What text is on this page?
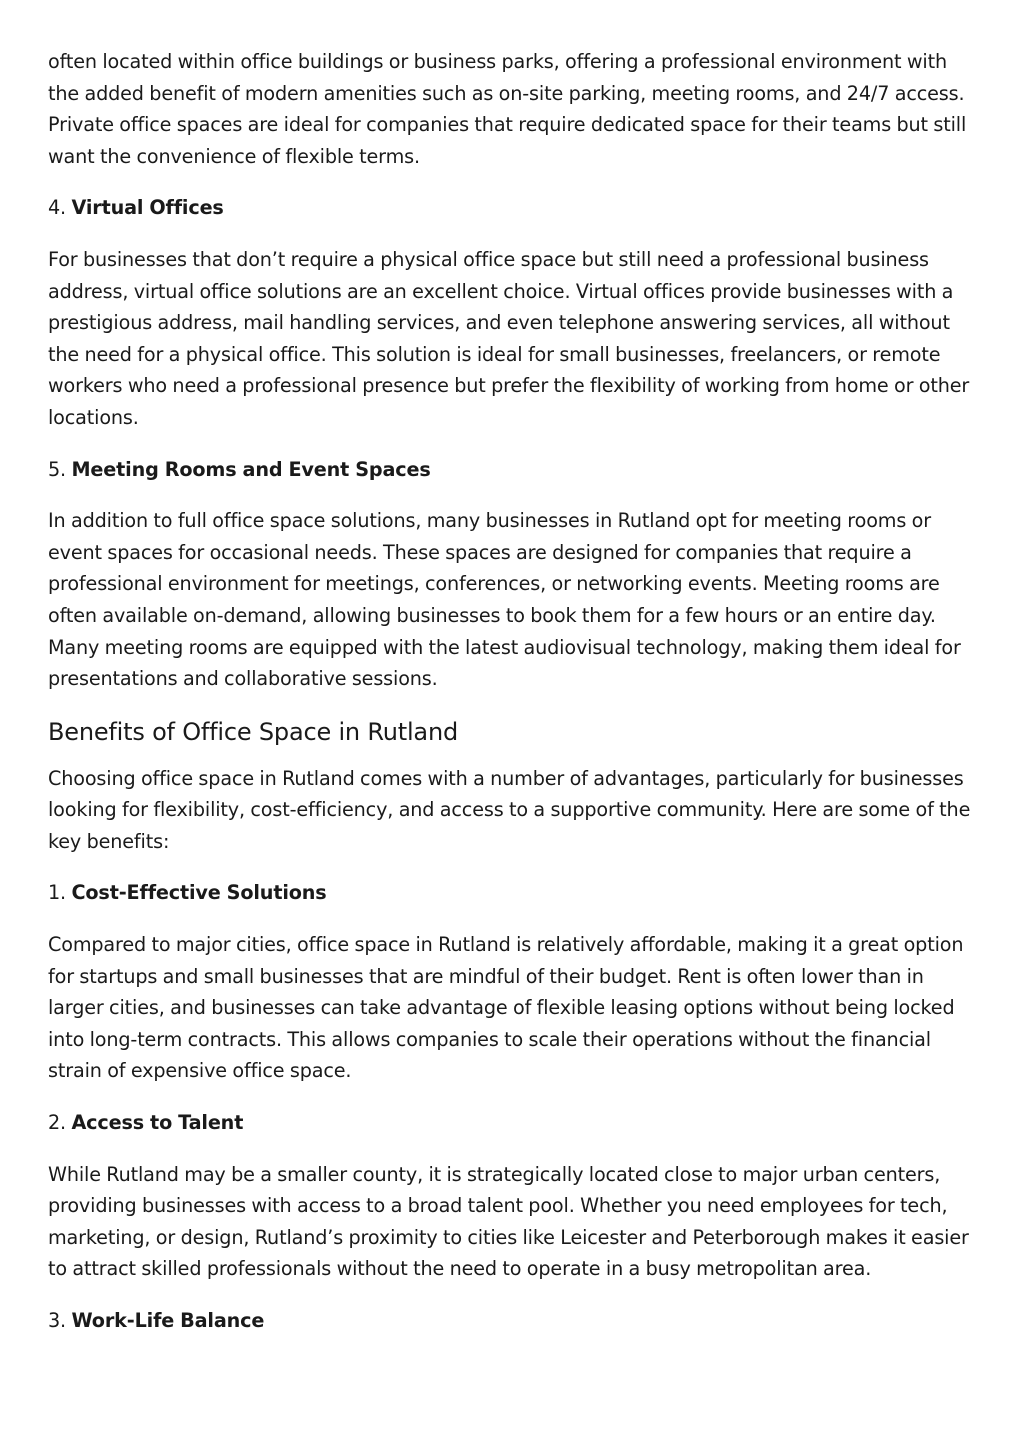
often located within office buildings or business parks, offering a professional environment with the added benefit of modern amenities such as on-site parking, meeting rooms, and 24/7 access. Private office spaces are ideal for companies that require dedicated space for their teams but still want the convenience of flexible terms.

4. Virtual Offices

For businesses that don’t require a physical office space but still need a professional business address, virtual office solutions are an excellent choice. Virtual offices provide businesses with a prestigious address, mail handling services, and even telephone answering services, all without the need for a physical office. This solution is ideal for small businesses, freelancers, or remote workers who need a professional presence but prefer the flexibility of working from home or other locations.

5. Meeting Rooms and Event Spaces

In addition to full office space solutions, many businesses in Rutland opt for meeting rooms or event spaces for occasional needs. These spaces are designed for companies that require a professional environment for meetings, conferences, or networking events. Meeting rooms are often available on-demand, allowing businesses to book them for a few hours or an entire day. Many meeting rooms are equipped with the latest audiovisual technology, making them ideal for presentations and collaborative sessions.

Benefits of Office Space in Rutland

Choosing office space in Rutland comes with a number of advantages, particularly for businesses looking for flexibility, cost-efficiency, and access to a supportive community. Here are some of the key benefits:

1. Cost-Effective Solutions

Compared to major cities, office space in Rutland is relatively affordable, making it a great option for startups and small businesses that are mindful of their budget. Rent is often lower than in larger cities, and businesses can take advantage of flexible leasing options without being locked into long-term contracts. This allows companies to scale their operations without the financial strain of expensive office space.

2. Access to Talent

While Rutland may be a smaller county, it is strategically located close to major urban centers, providing businesses with access to a broad talent pool. Whether you need employees for tech, marketing, or design, Rutland’s proximity to cities like Leicester and Peterborough makes it easier to attract skilled professionals without the need to operate in a busy metropolitan area.

3. Work-Life Balance
